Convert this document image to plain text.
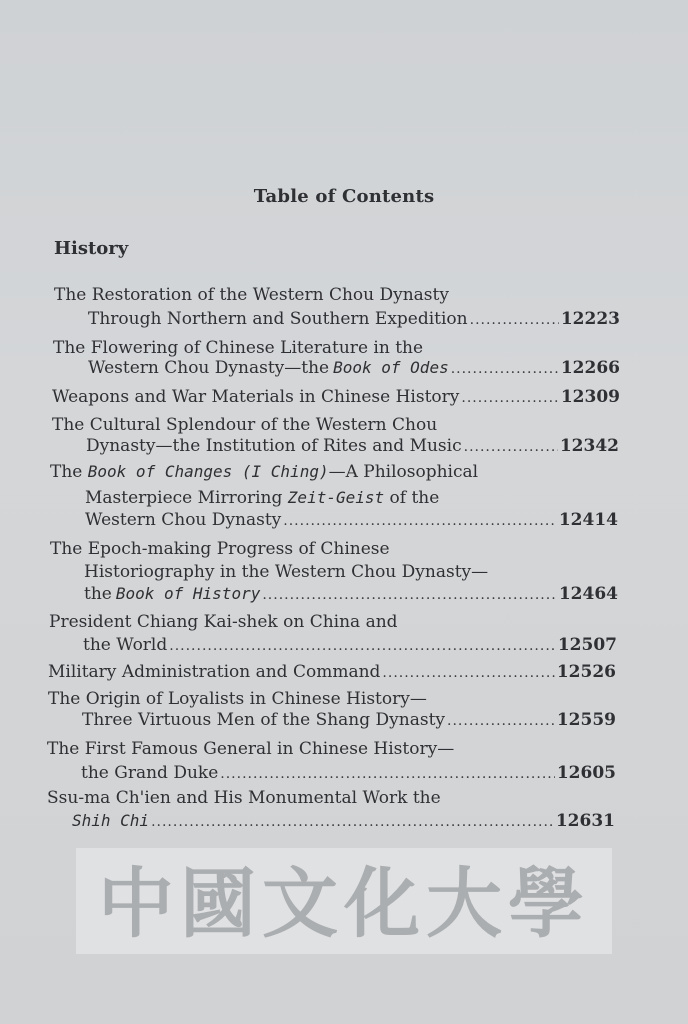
Table of Contents
History
The Restoration of the Western Chou Dynasty
Through Northern and Southern Expedition .....	12223
The Flowering of Chinese Literature in the
Western Chou Dynasty—the Book of Odes .....	12266
Weapons and War Materials in Chinese History .....	12309
The Cultural Splendour of the Western Chou
Dynasty—the Institution of Rites and Music .....	12342
The Book of Changes (I Ching)—A Philosophical
Masterpiece Mirroring Zeit-Geist of the
Western Chou Dynasty .....	12414
The Epoch-making Progress of Chinese
Historiography in the Western Chou Dynasty—
the Book of History .....	12464
President Chiang Kai-shek on China and
the World .....	12507
Military Administration and Command .....	12526
The Origin of Loyalists in Chinese History—
Three Virtuous Men of the Shang Dynasty .....	12559
The First Famous General in Chinese History—
the Grand Duke .....	12605
Ssu-ma Ch'ien and His Monumental Work the
Shih Chi .....	12631
中國文化大學
